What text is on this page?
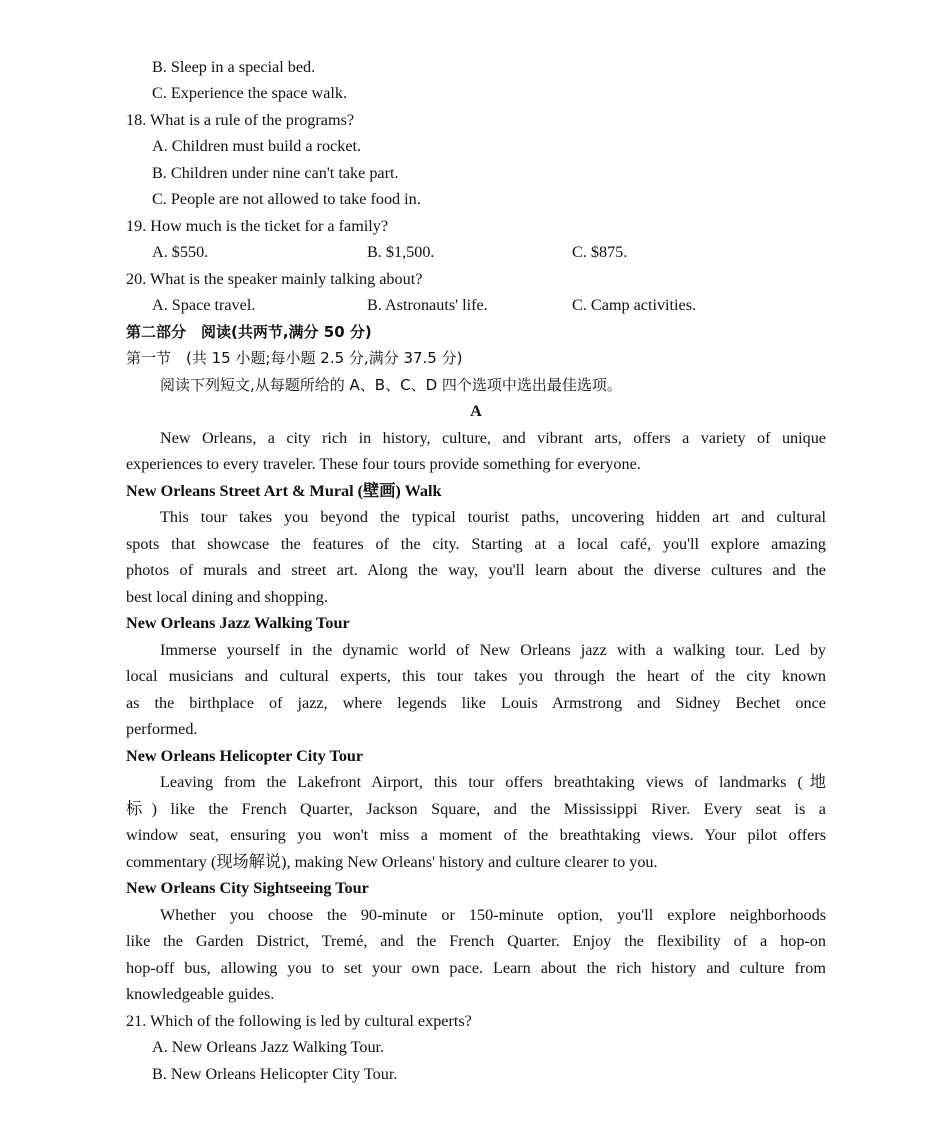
B. Sleep in a special bed.
C. Experience the space walk.
18. What is a rule of the programs?
A. Children must build a rocket.
B. Children under nine can't take part.
C. People are not allowed to take food in.
19. How much is the ticket for a family?
A. $550.	B. $1,500.	C. $875.
20. What is the speaker mainly talking about?
A. Space travel.	B. Astronauts' life.	C. Camp activities.
第二部分　阅读(共两节,满分 50 分)
第一节　(共 15 小题;每小题 2.5 分,满分 37.5 分)
阅读下列短文,从每题所给的 A、B、C、D 四个选项中选出最佳选项。
A
New Orleans, a city rich in history, culture, and vibrant arts, offers a variety of unique
experiences to every traveler. These four tours provide something for everyone.
New Orleans Street Art & Mural (壁画) Walk
This tour takes you beyond the typical tourist paths, uncovering hidden art and cultural
spots that showcase the features of the city. Starting at a local café, you'll explore amazing
photos of murals and street art. Along the way, you'll learn about the diverse cultures and the
best local dining and shopping.
New Orleans Jazz Walking Tour
Immerse yourself in the dynamic world of New Orleans jazz with a walking tour. Led by
local musicians and cultural experts, this tour takes you through the heart of the city known
as the birthplace of jazz, where legends like Louis Armstrong and Sidney Bechet once
performed.
New Orleans Helicopter City Tour
Leaving from the Lakefront Airport, this tour offers breathtaking views of landmarks (地
标) like the French Quarter, Jackson Square, and the Mississippi River. Every seat is a
window seat, ensuring you won't miss a moment of the breathtaking views. Your pilot offers
commentary (现场解说), making New Orleans' history and culture clearer to you.
New Orleans City Sightseeing Tour
Whether you choose the 90-minute or 150-minute option, you'll explore neighborhoods
like the Garden District, Tremé, and the French Quarter. Enjoy the flexibility of a hop-on
hop-off bus, allowing you to set your own pace. Learn about the rich history and culture from
knowledgeable guides.
21. Which of the following is led by cultural experts?
A. New Orleans Jazz Walking Tour.
B. New Orleans Helicopter City Tour.
